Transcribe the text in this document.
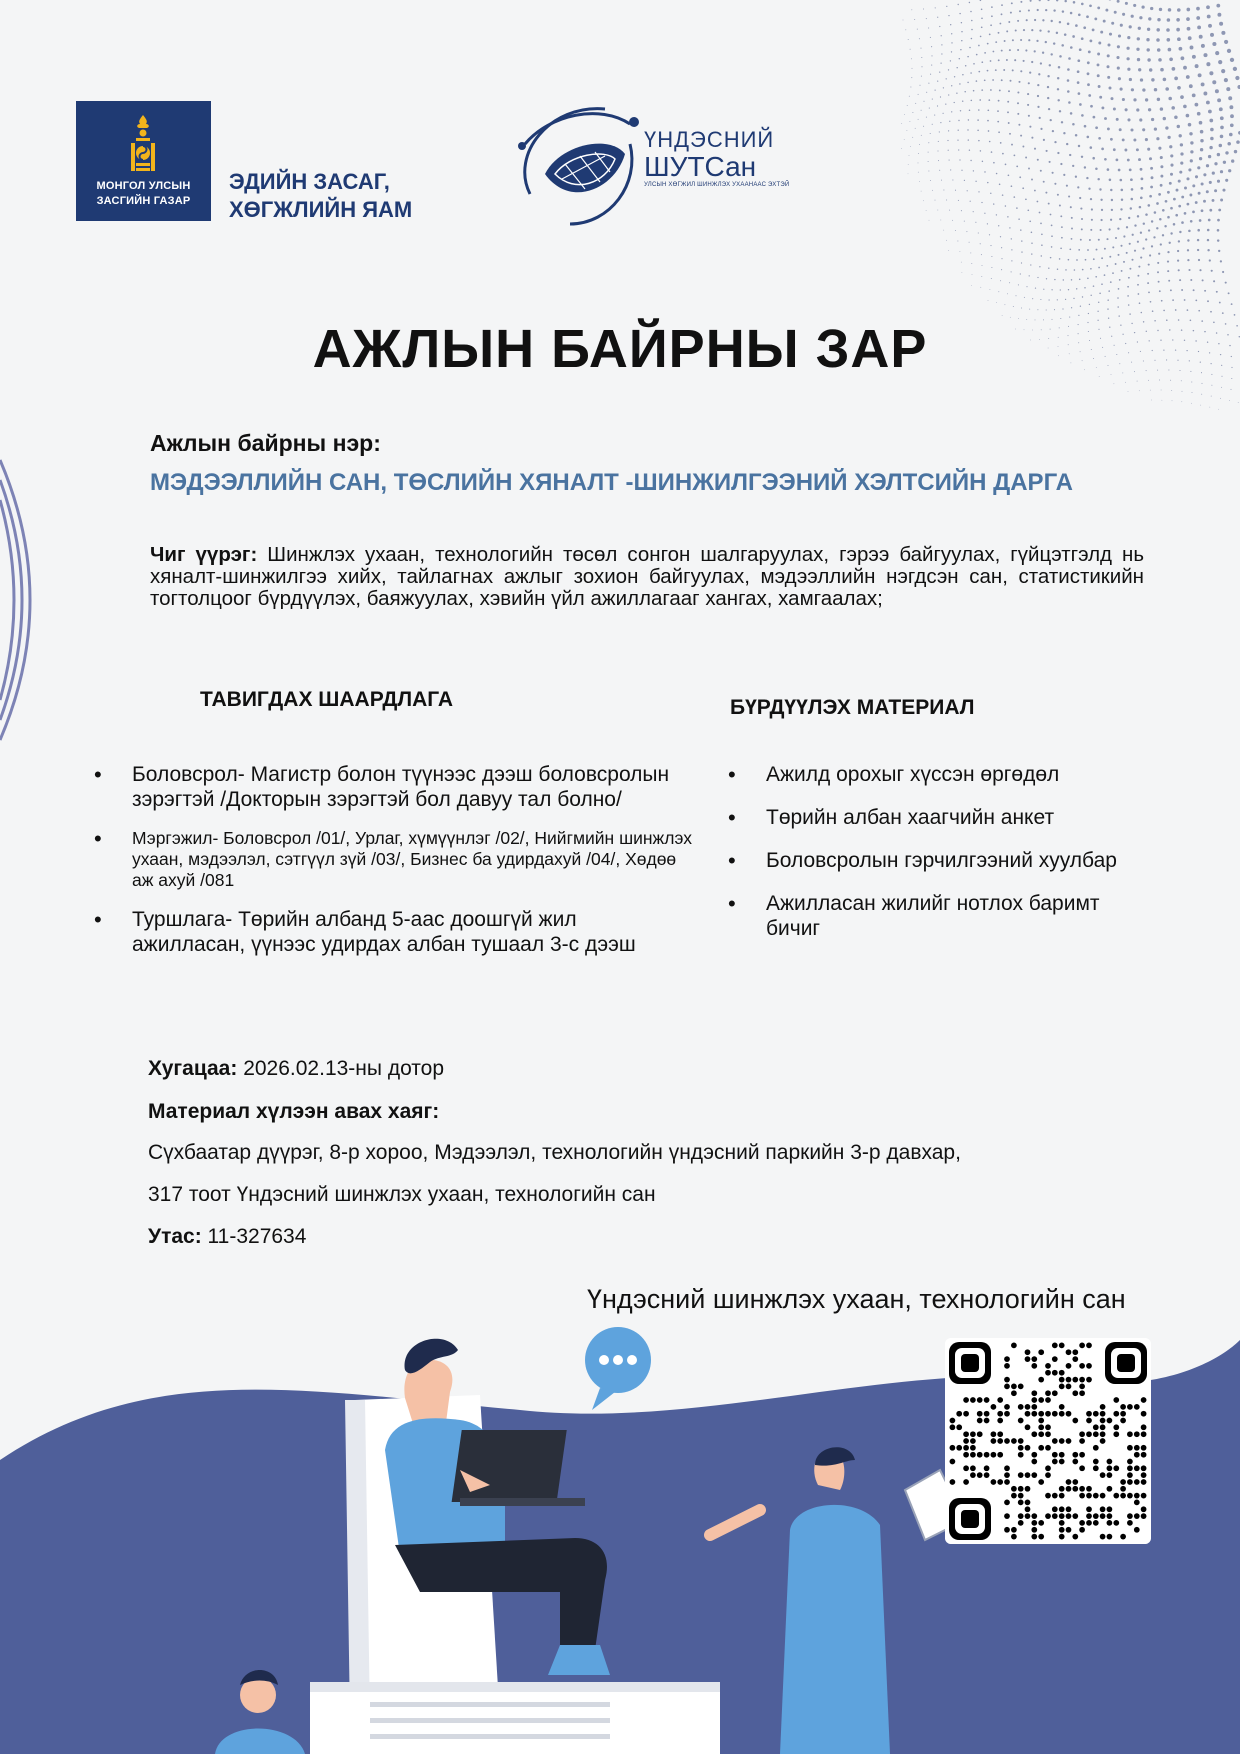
МОНГОЛ УЛСЫН
ЗАСГИЙН ГАЗАР
ЭДИЙН ЗАСАГ,
ХӨГЖЛИЙН ЯАМ
ҮНДЭСНИЙ
ШУТСан
УЛСЫН ХӨГЖИЛ ШИНЖЛЭХ УХААНААС ЭХТЭЙ
АЖЛЫН БАЙРНЫ ЗАР
Ажлын байрны нэр:
МЭДЭЭЛЛИЙН САН, ТӨСЛИЙН ХЯНАЛТ -ШИНЖИЛГЭЭНИЙ ХЭЛТСИЙН ДАРГА
Чиг үүрэг: Шинжлэх ухаан, технологийн төсөл сонгон шалгаруулах, гэрээ байгуулах, гүйцэтгэлд нь хяналт-шинжилгээ хийх, тайлагнах ажлыг зохион байгуулах, мэдээллийн нэгдсэн сан, статистикийн тогтолцоог бүрдүүлэх, баяжуулах, хэвийн үйл ажиллагааг хангах, хамгаалах;
ТАВИГДАХ ШААРДЛАГА
• Боловсрол- Магистр болон түүнээс дээш боловсролын зэрэгтэй /Докторын зэрэгтэй бол давуу тал болно/
• Мэргэжил- Боловсрол /01/, Урлаг, хүмүүнлэг /02/, Нийгмийн шинжлэх ухаан, мэдээлэл, сэтгүүл зүй /03/, Бизнес ба удирдахуй /04/, Хөдөө аж ахуй /081
• Туршлага- Төрийн албанд 5-аас доошгүй жил ажилласан, үүнээс удирдах албан тушаал 3-с дээш
БҮРДҮҮЛЭХ МАТЕРИАЛ
• Ажилд орохыг хүссэн өргөдөл
• Төрийн албан хаагчийн анкет
• Боловсролын гэрчилгээний хуулбар
• Ажилласан жилийг нотлох баримт бичиг
Хугацаа: 2026.02.13-ны дотор
Материал хүлээн авах хаяг:
Сүхбаатар дүүрэг, 8-р хороо, Мэдээлэл, технологийн үндэсний паркийн 3-р давхар,
317 тоот Үндэсний шинжлэх ухаан, технологийн сан
Утас: 11-327634
Үндэсний шинжлэх ухаан, технологийн сан
